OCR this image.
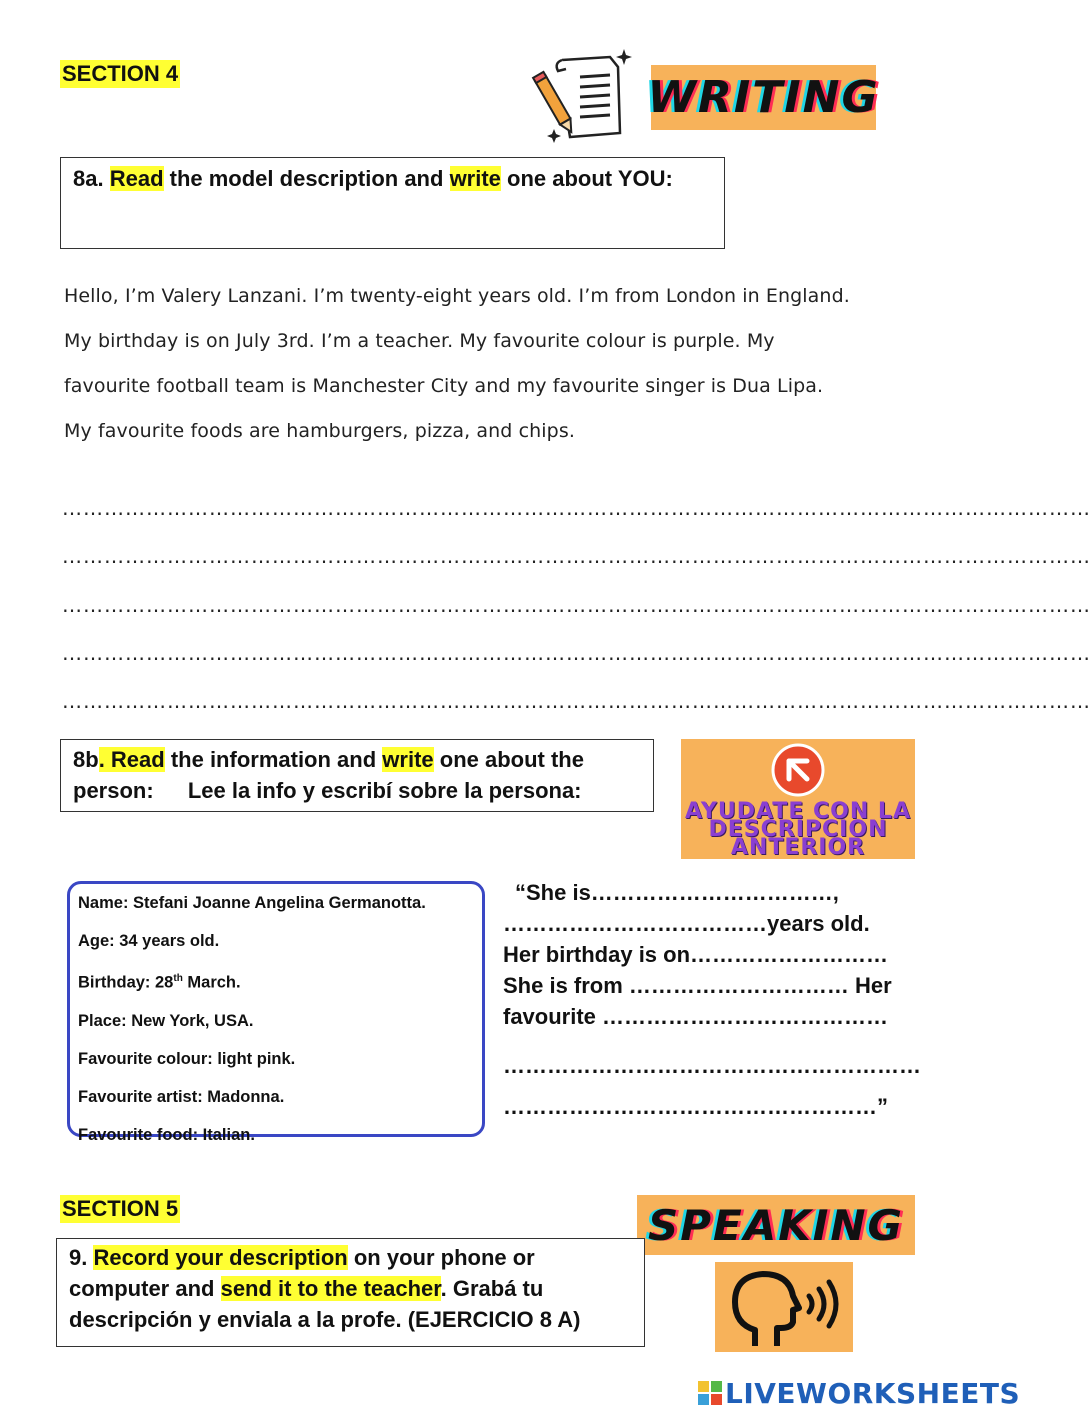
SECTION 4	WRITING
8a. Read the model description and write one about YOU:
Hello, I’m Valery Lanzani. I’m twenty-eight years old. I’m from London in England.
My birthday is on July 3rd. I’m a teacher. My favourite colour is purple. My
favourite football team is Manchester City and my favourite singer is Dua Lipa.
My favourite foods are hamburgers, pizza, and chips.
…………………………………………………………………………………………………………………………………
…………………………………………………………………………………………………………………………………
…………………………………………………………………………………………………………………………………
…………………………………………………………………………………………………………………………………
…………………………………………………………………………………………………………………………………
8b. Read the information and write one about the person: Lee la info y escribí sobre la persona:
AYUDATE CON LA
DESCRIPCION
ANTERIOR
Name: Stefani Joanne Angelina Germanotta.
Age: 34 years old.
Birthday: 28th March.
Place: New York, USA.
Favourite colour: light pink.
Favourite artist: Madonna.
Favourite food: Italian.
“She is……………………………,
………………………………years old.
Her birthday is on………………………
She is from ………………………… Her
favourite …………………………………
…………………………………………………
……………………………………………”
SECTION 5	SPEAKING
9. Record your description on your phone or computer and send it to the teacher. Grabá tu descripción y enviala a la profe. (EJERCICIO 8 A)
LIVEWORKSHEETS
